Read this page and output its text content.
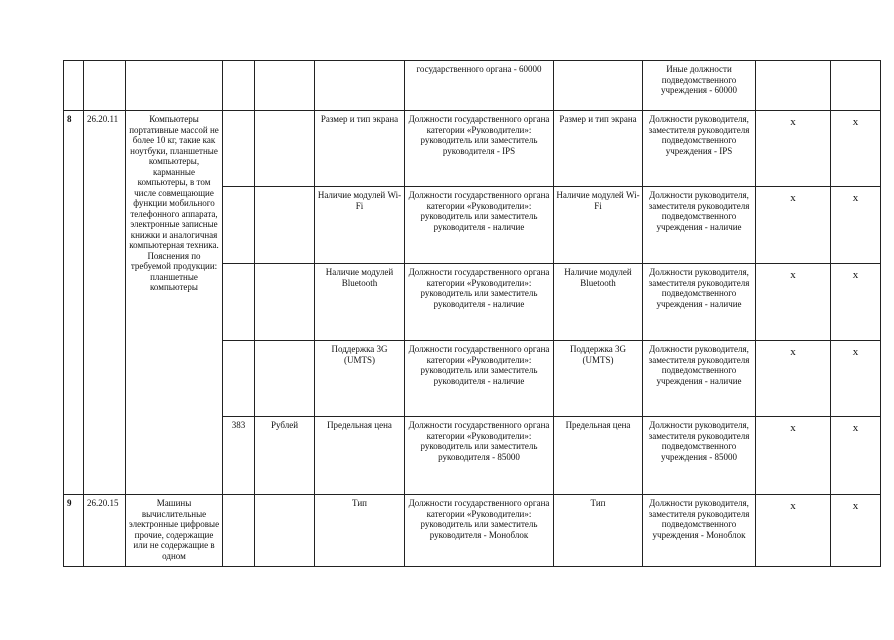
						государственного органа - 60000		Иные должности подведомственного учреждения - 60000		
8	26.20.11	Компьютеры портативные массой не более 10 кг, такие как ноутбуки, планшетные компьютеры, карманные компьютеры, в том числе совмещающие функции мобильного телефонного аппарата, электронные записные книжки и аналогичная компьютерная техника. Пояснения по требуемой продукции: планшетные компьютеры			Размер и тип экрана	Должности государственного органа категории «Руководители»: руководитель или заместитель руководителя - IPS	Размер и тип экрана	Должности руководителя, заместителя руководителя подведомственного учреждения - IPS	x	x
					Наличие модулей Wi-Fi	Должности государственного органа категории «Руководители»: руководитель или заместитель руководителя - наличие	Наличие модулей Wi-Fi	Должности руководителя, заместителя руководителя подведомственного учреждения - наличие	x	x
					Наличие модулей Bluetooth	Должности государственного органа категории «Руководители»: руководитель или заместитель руководителя - наличие	Наличие модулей Bluetooth	Должности руководителя, заместителя руководителя подведомственного учреждения - наличие	x	x
					Поддержка 3G (UMTS)	Должности государственного органа категории «Руководители»: руководитель или заместитель руководителя - наличие	Поддержка 3G (UMTS)	Должности руководителя, заместителя руководителя подведомственного учреждения - наличие	x	x
			383	Рублей	Предельная цена	Должности государственного органа категории «Руководители»: руководитель или заместитель руководителя - 85000	Предельная цена	Должности руководителя, заместителя руководителя подведомственного учреждения - 85000	x	x
9	26.20.15	Машины вычислительные электронные цифровые прочие, содержащие или не содержащие в одном			Тип	Должности государственного органа категории «Руководители»: руководитель или заместитель руководителя - Моноблок	Тип	Должности руководителя, заместителя руководителя подведомственного учреждения - Моноблок	x	x
